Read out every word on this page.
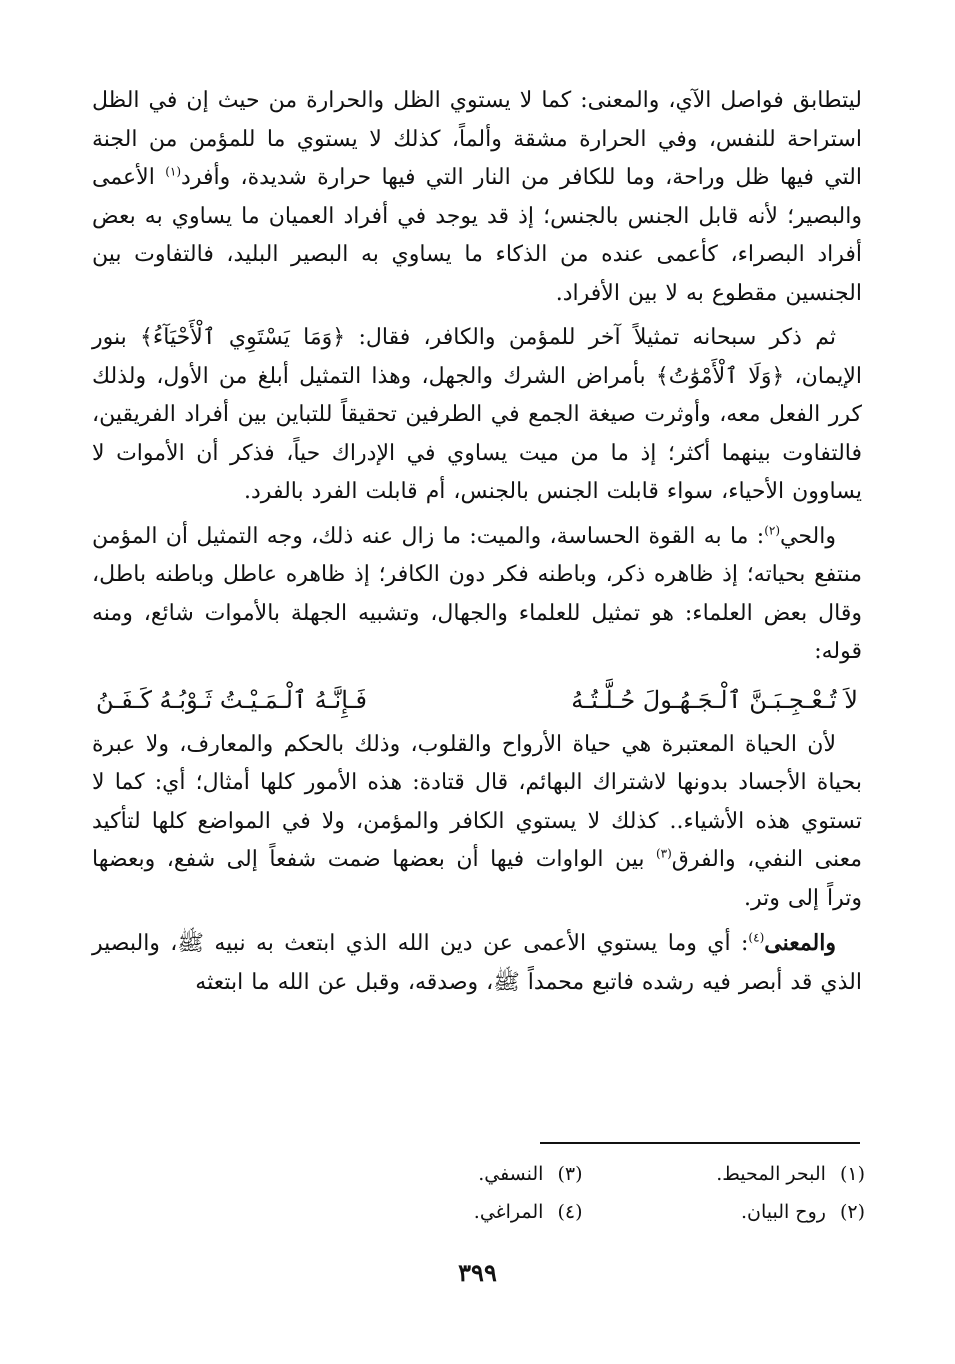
ليتطابق فواصل الآي، والمعنى: كما لا يستوي الظل والحرارة من حيث إن في الظل استراحة للنفس، وفي الحرارة مشقة وألماً، كذلك لا يستوي ما للمؤمن من الجنة التي فيها ظل وراحة، وما للكافر من النار التي فيها حرارة شديدة، وأفرد$^{(١)}$ الأعمى والبصير؛ لأنه قابل الجنس بالجنس؛ إذ قد يوجد في أفراد العميان ما يساوي به بعض أفراد البصراء، كأعمى عنده من الذكاء ما يساوي به البصير البليد، فالتفاوت بين الجنسين مقطوع به لا بين الأفراد.

ثم ذكر سبحانه تمثيلاً آخر للمؤمن والكافر، فقال: ﴿وَمَا يَسْتَوِي ٱلْأَحْيَآءُ﴾ بنور الإيمان، ﴿وَلَا ٱلْأَمْوَٰتُ﴾ بأمراض الشرك والجهل، وهذا التمثيل أبلغ من الأول، ولذلك كرر الفعل معه، وأوثرت صيغة الجمع في الطرفين تحقيقاً للتباين بين أفراد الفريقين، فالتفاوت بينهما أكثر؛ إذ ما من ميت يساوي في الإدراك حياً، فذكر أن الأموات لا يساوون الأحياء، سواء قابلت الجنس بالجنس، أم قابلت الفرد بالفرد.

والحي$^{(٢)}$: ما به القوة الحساسة، والميت: ما زال عنه ذلك، وجه التمثيل أن المؤمن منتفع بحياته؛ إذ ظاهره ذكر، وباطنه فكر دون الكافر؛ إذ ظاهره عاطل وباطنه باطل، وقال بعض العلماء: هو تمثيل للعلماء والجهال، وتشبيه الجهلة بالأموات شائع، ومنه قوله:

لاَ تُـعْـجِـبَـنَّ ٱلْـجَـهُـولَ حُـلَّـتُـهُ
فَـإِنَّـهُ ٱلْـمَـيْـتُ ثَـوْبُـهُ كَـفَـنُ

لأن الحياة المعتبرة هي حياة الأرواح والقلوب، وذلك بالحكم والمعارف، ولا عبرة بحياة الأجساد بدونها لاشتراك البهائم، قال قتادة: هذه الأمور كلها أمثال؛ أي: كما لا تستوي هذه الأشياء.. كذلك لا يستوي الكافر والمؤمن، ولا في المواضع كلها لتأكيد معنى النفي، والفرق$^{(٣)}$ بين الواوات فيها أن بعضها ضمت شفعاً إلى شفع، وبعضها وتراً إلى وتر.

والمعنى$^{(٤)}$: أي وما يستوي الأعمى عن دين الله الذي ابتعث به نبيه ﷺ، والبصير الذي قد أبصر فيه رشده فاتبع محمداً ﷺ، وصدقه، وقبل عن الله ما ابتعثه

(١)البحر المحيط.
(٣)النسفي.
(٢)روح البيان.
(٤)المراغي.
٣٩٩
